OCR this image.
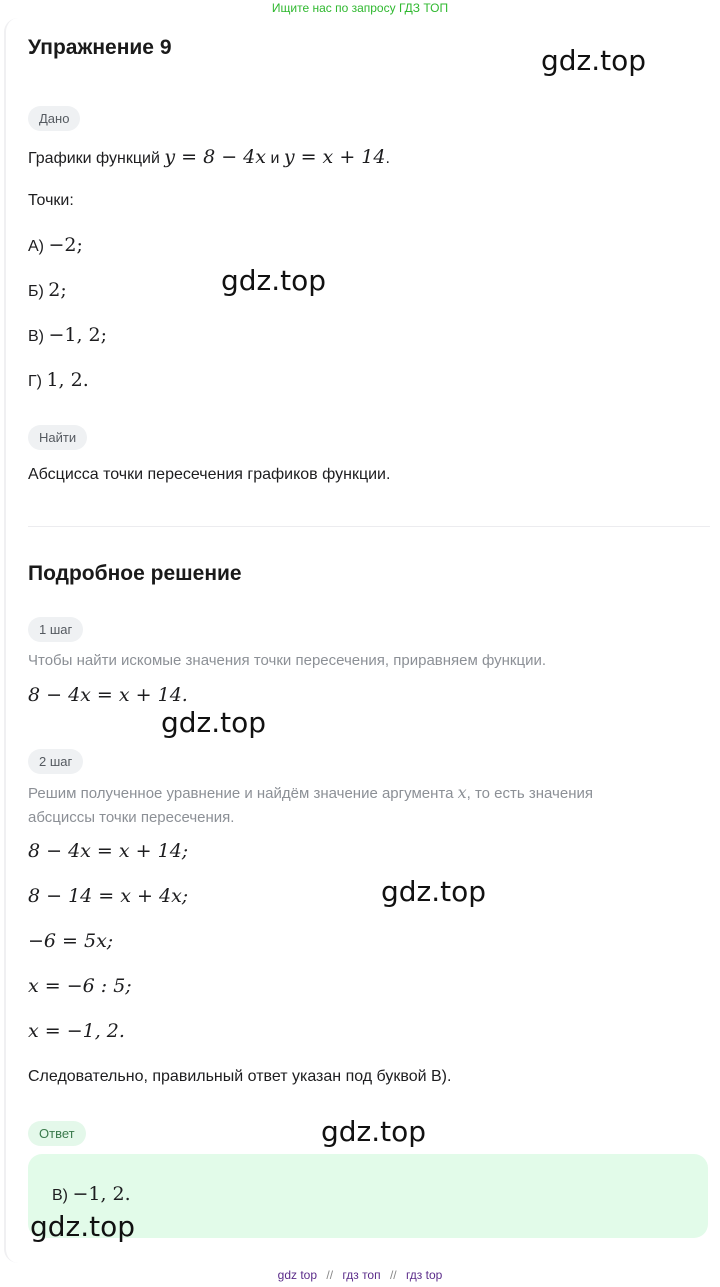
Ищите нас по запросу ГДЗ ТОП
Упражнение 9	gdz.top
Дано
Графики функций y = 8 − 4x и y = x + 14.
Точки:
А) −2;
gdz.top
Б) 2;
В) −1, 2;
Г) 1, 2.
Найти
Абсцисса точки пересечения графиков функции.
Подробное решение
1 шаг
Чтобы найти искомые значения точки пересечения, приравняем функции.
8 − 4x = x + 14.
gdz.top
2 шаг
Решим полученное уравнение и найдём значение аргумента x, то есть значения
абсциссы точки пересечения.
8 − 4x = x + 14;
8 − 14 = x + 4x;	gdz.top
−6 = 5x;
x = −6 : 5;
x = −1, 2.
Следовательно, правильный ответ указан под буквой В).
Ответ	gdz.top
В) −1, 2.
gdz.top
gdz top // гдз топ // гдз top
